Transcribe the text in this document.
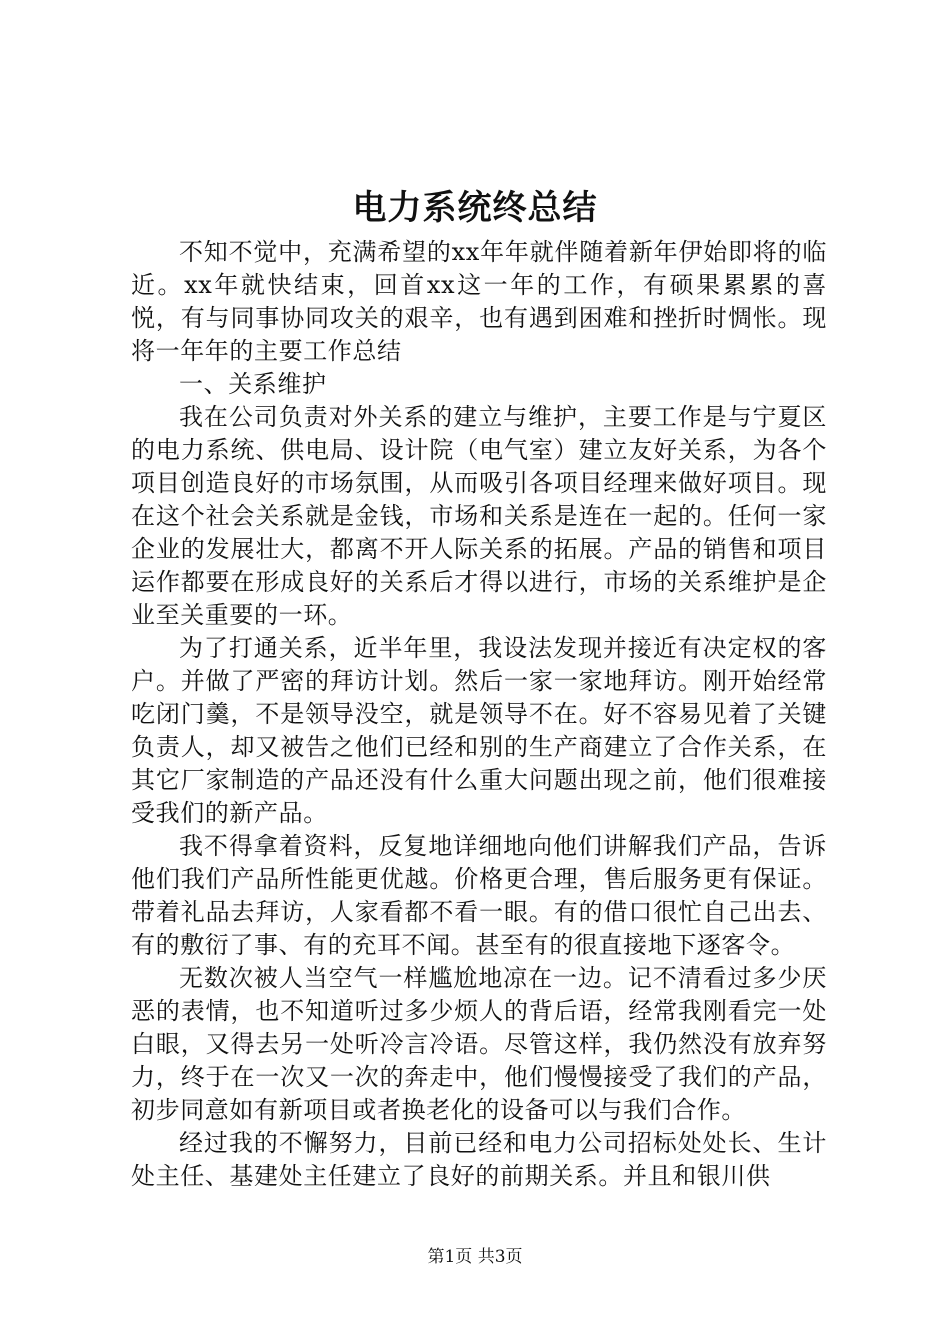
电力系统终总结

不知不觉中，充满希望的xx年年就伴随着新年伊始即将的临近。xx年就快结束，回首xx这一年的工作，有硕果累累的喜悦，有与同事协同攻关的艰辛，也有遇到困难和挫折时惆怅。现将一年年的主要工作总结

一、关系维护

我在公司负责对外关系的建立与维护，主要工作是与宁夏区的电力系统、供电局、设计院（电气室）建立友好关系，为各个项目创造良好的市场氛围，从而吸引各项目经理来做好项目。现在这个社会关系就是金钱，市场和关系是连在一起的。任何一家企业的发展壮大，都离不开人际关系的拓展。产品的销售和项目运作都要在形成良好的关系后才得以进行，市场的关系维护是企业至关重要的一环。

为了打通关系，近半年里，我设法发现并接近有决定权的客户。并做了严密的拜访计划。然后一家一家地拜访。刚开始经常吃闭门羹，不是领导没空，就是领导不在。好不容易见着了关键负责人，却又被告之他们已经和别的生产商建立了合作关系，在其它厂家制造的产品还没有什么重大问题出现之前，他们很难接受我们的新产品。

我不得拿着资料，反复地详细地向他们讲解我们产品，告诉他们我们产品所性能更优越。价格更合理，售后服务更有保证。带着礼品去拜访，人家看都不看一眼。有的借口很忙自己出去、有的敷衍了事、有的充耳不闻。甚至有的很直接地下逐客令。

无数次被人当空气一样尴尬地凉在一边。记不清看过多少厌恶的表情，也不知道听过多少烦人的背后语，经常我刚看完一处白眼，又得去另一处听冷言冷语。尽管这样，我仍然没有放弃努力，终于在一次又一次的奔走中，他们慢慢接受了我们的产品，初步同意如有新项目或者换老化的设备可以与我们合作。

经过我的不懈努力，目前已经和电力公司招标处处长、生计处主任、基建处主任建立了良好的前期关系。并且和银川供

第1页 共3页
